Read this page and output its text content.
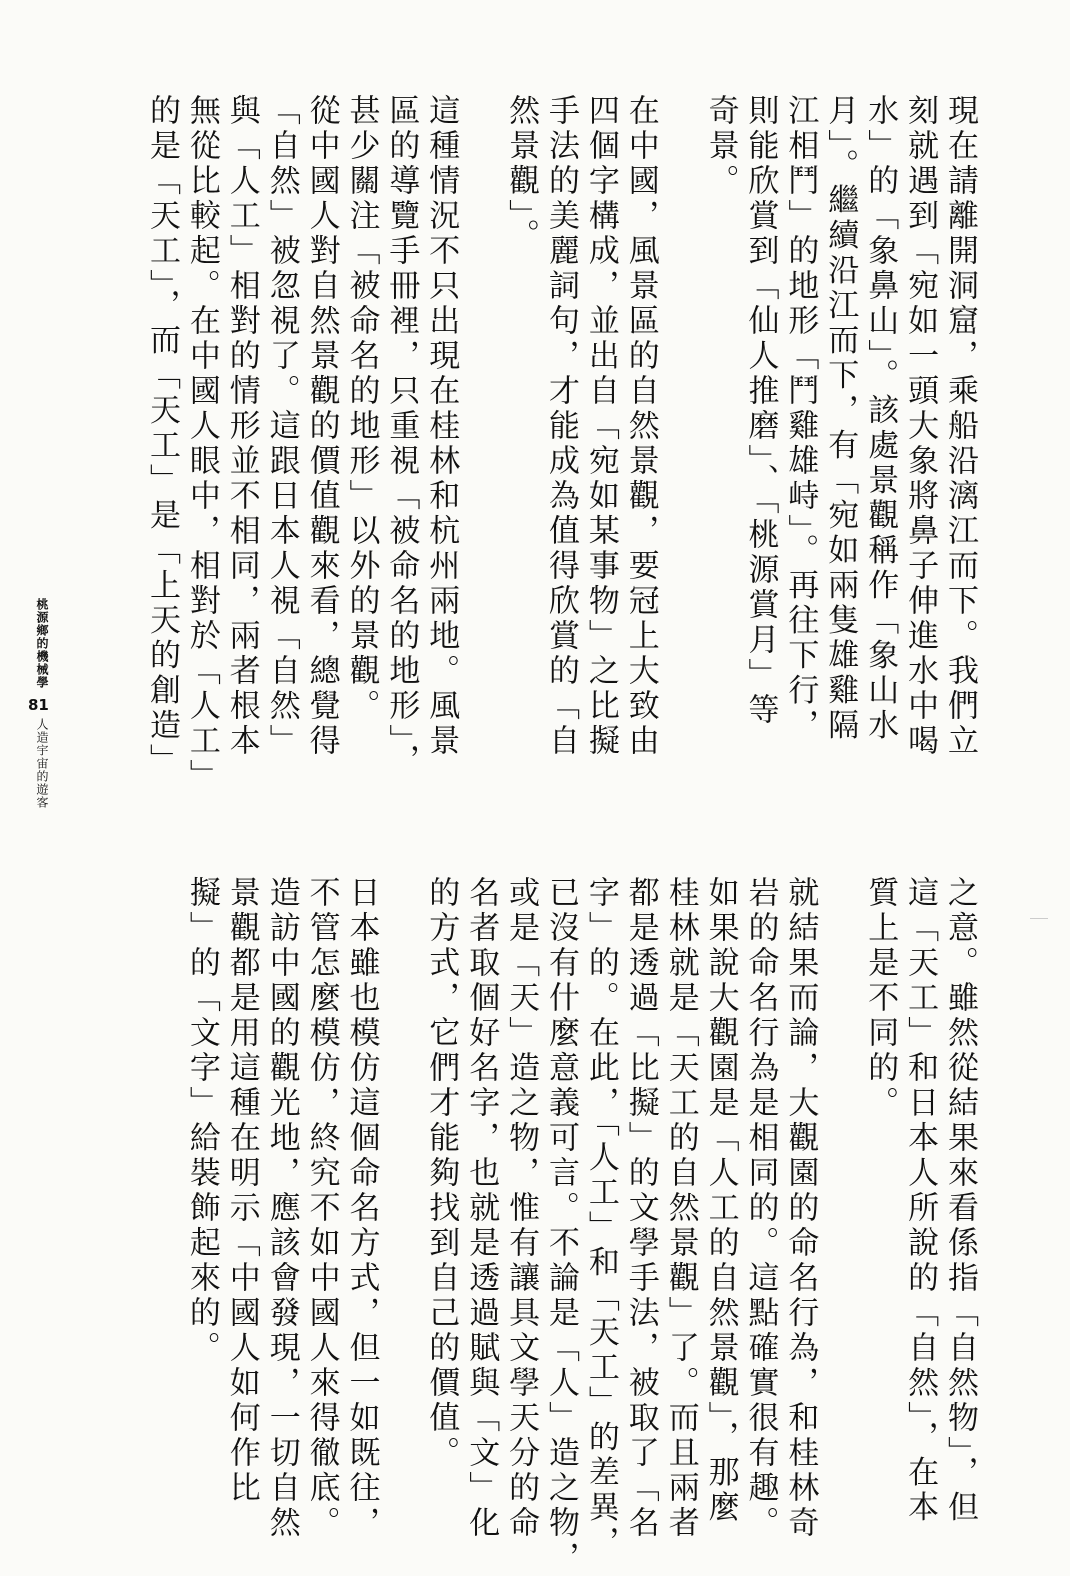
現在請離開洞窟，乘船沿漓江而下。我們立
刻就遇到「宛如一頭大象將鼻子伸進水中喝
水」的「象鼻山」。該處景觀稱作「象山水
月」。繼續沿江而下，有「宛如兩隻雄雞隔
江相鬥」的地形「鬥雞雄峙」。再往下行，
則能欣賞到「仙人推磨」、「桃源賞月」等
奇景。
在中國，風景區的自然景觀，要冠上大致由
四個字構成，並出自「宛如某事物」之比擬
手法的美麗詞句，才能成為值得欣賞的「自
然景觀」。
這種情況不只出現在桂林和杭州兩地。風景
區的導覽手冊裡，只重視「被命名的地形」，
甚少關注「被命名的地形」以外的景觀。
從中國人對自然景觀的價值觀來看，總覺得
「自然」被忽視了。這跟日本人視「自然」
與「人工」相對的情形並不相同，兩者根本
無從比較起。在中國人眼中，相對於「人工」
的是「天工」，而「天工」是「上天的創造」
之意。雖然從結果來看係指「自然物」，但
這「天工」和日本人所說的「自然」，在本
質上是不同的。
就結果而論，大觀園的命名行為，和桂林奇
岩的命名行為是相同的。這點確實很有趣。
如果說大觀園是「人工的自然景觀」，那麼
桂林就是「天工的自然景觀」了。而且兩者
都是透過「比擬」的文學手法，被取了「名
字」的。在此，「人工」和「天工」的差異，
已沒有什麼意義可言。不論是「人」造之物，
或是「天」造之物，惟有讓具文學天分的命
名者取個好名字，也就是透過賦與「文」化
的方式，它們才能夠找到自己的價值。
日本雖也模仿這個命名方式，但一如既往，
不管怎麼模仿，終究不如中國人來得徹底。
造訪中國的觀光地，應該會發現，一切自然
景觀都是用這種在明示「中國人如何作比
擬」的「文字」給裝飾起來的。
桃源鄉的機械學
81
人造宇宙的遊客
